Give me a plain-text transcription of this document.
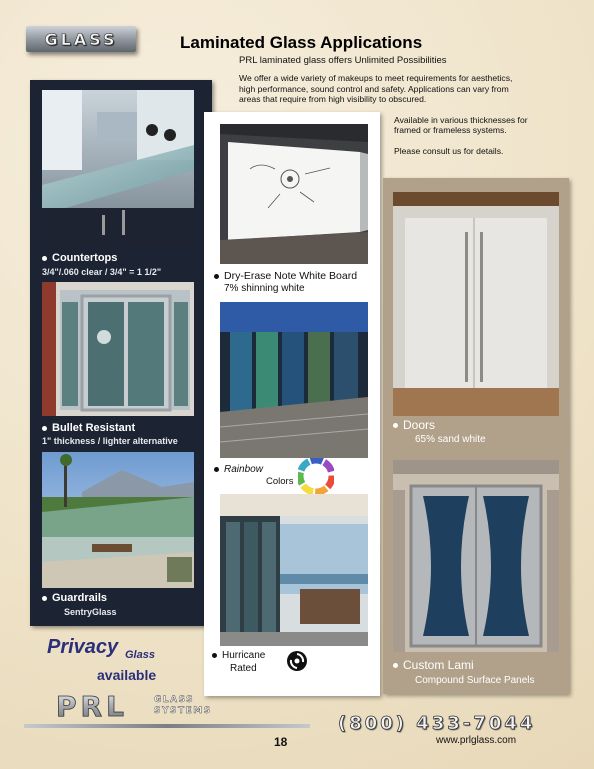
GLASS	Laminated Glass Applications
PRL laminated glass offers Unlimited Possibilities

We offer a wide variety of makeups to meet requirements for aesthetics, high performance, sound control and safety. Applications can vary from areas that require from high visibility to obscured.

Available in various thicknesses for framed or frameless systems.

Please consult us for details.

Countertops
3/4"/.060 clear / 3/4" = 1 1/2"
Bullet Resistant
1" thickness / lighter alternative
Guardrails
SentryGlass
Dry-Erase Note White Board
7% shinning white
Rainbow
Colors
Hurricane
Rated
Doors
65% sand white
Custom Lami
Compound Surface Panels
Privacy Glass
available
PRL	GLASS
SYSTEMS
(800) 433-7044
18	www.prlglass.com
